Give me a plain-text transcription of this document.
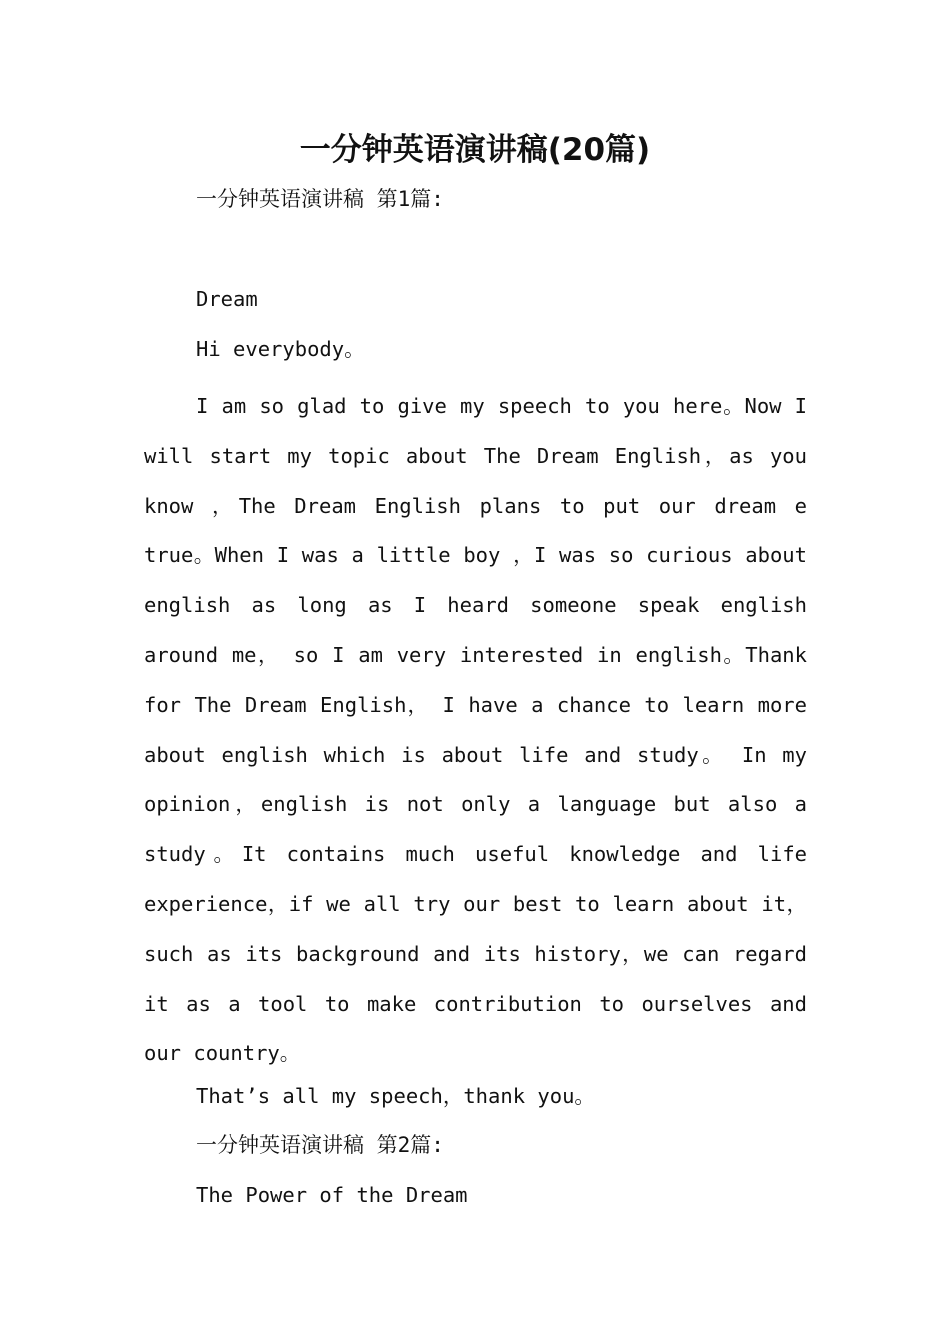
一分钟英语演讲稿(20篇)
一分钟英语演讲稿 第1篇:
Dream
Hi everybody。
I am so glad to give my speech to you here。Now I will start my topic about The Dream English，as you know ，The Dream English plans to put our dream e true。When I was a little boy ，I was so curious about english as long as I heard someone speak english around me， so I am very interested in english。Thank for The Dream English， I have a chance to learn more about english which is about life and study。 In my opinion，english is not only a language but also a study。It contains much useful knowledge and life experience，if we all try our best to learn about it，such as its background and its history，we can regard it as a tool to make contribution to ourselves and our country。
That’s all my speech，thank you。
一分钟英语演讲稿 第2篇:
The Power of the Dream
